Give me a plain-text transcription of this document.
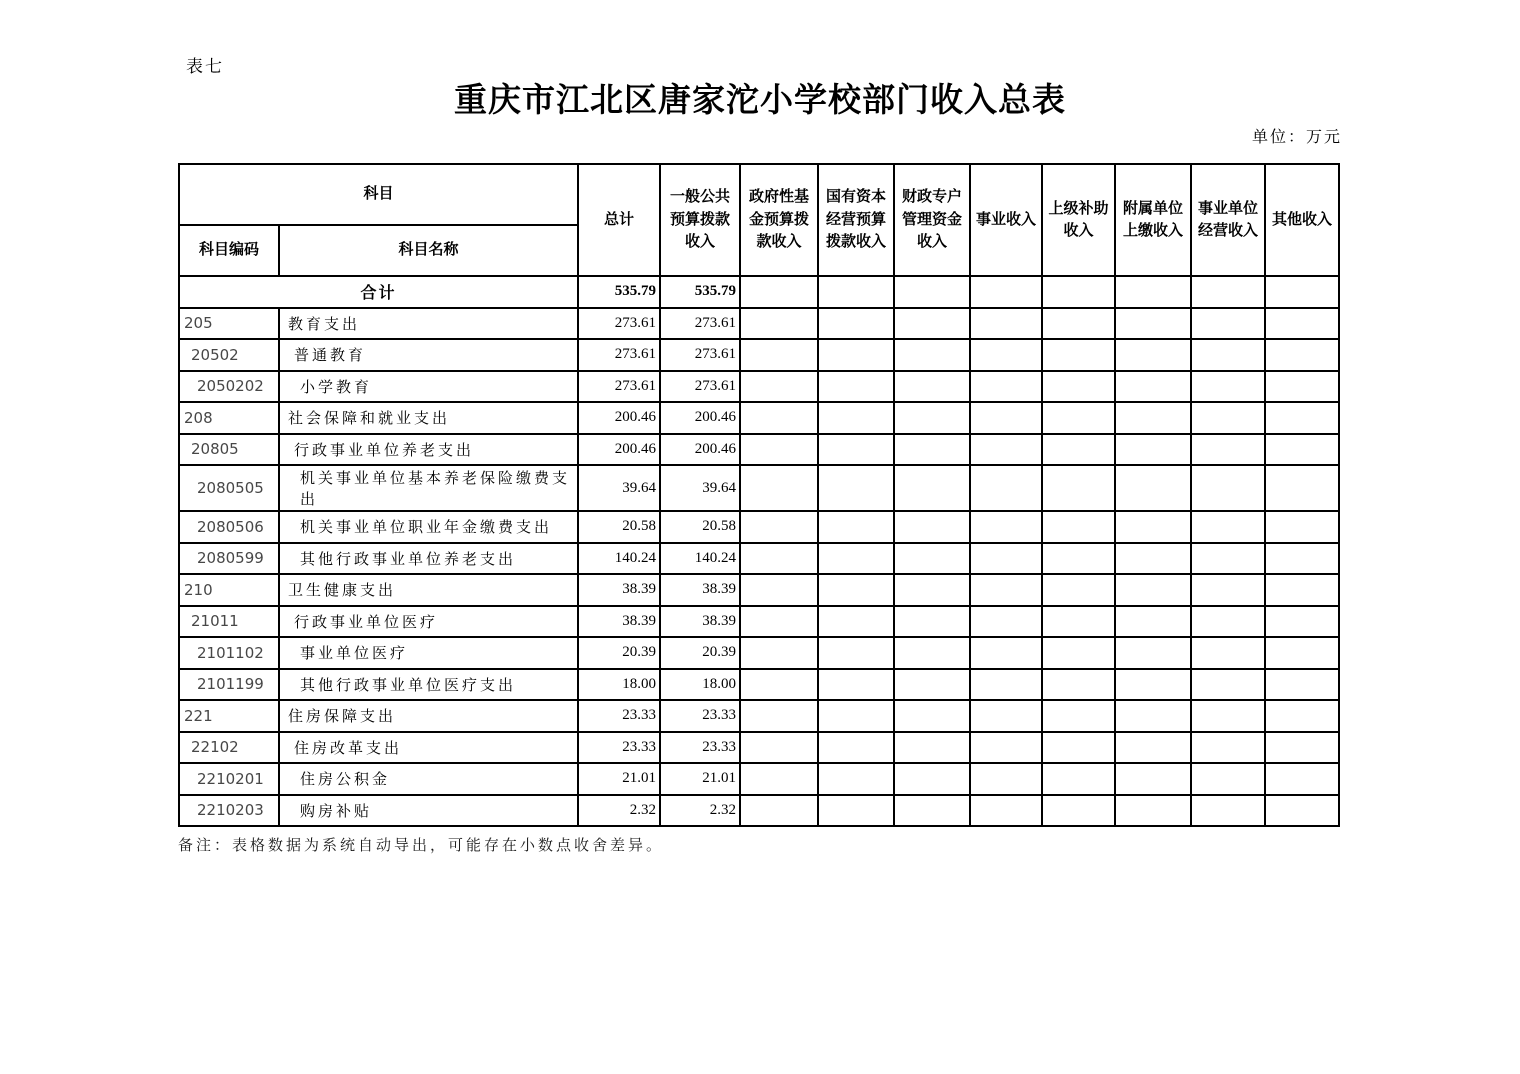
表七
重庆市江北区唐家沱小学校部门收入总表
单位：万元
科目		总计	一般公共预算拨款收入	政府性基金预算拨款收入	国有资本经营预算拨款收入	财政专户管理资金收入	事业收入	上级补助收入	附属单位上缴收入	事业单位经营收入	其他收入
科目编码	科目名称										
合计		535.79	535.79								
205	教育支出	273.61	273.61								
20502	普通教育	273.61	273.61								
2050202	小学教育	273.61	273.61								
208	社会保障和就业支出	200.46	200.46								
20805	行政事业单位养老支出	200.46	200.46								
2080505	机关事业单位基本养老保险缴费支出	39.64	39.64								
2080506	机关事业单位职业年金缴费支出	20.58	20.58								
2080599	其他行政事业单位养老支出	140.24	140.24								
210	卫生健康支出	38.39	38.39								
21011	行政事业单位医疗	38.39	38.39								
2101102	事业单位医疗	20.39	20.39								
2101199	其他行政事业单位医疗支出	18.00	18.00								
221	住房保障支出	23.33	23.33								
22102	住房改革支出	23.33	23.33								
2210201	住房公积金	21.01	21.01								
2210203	购房补贴	2.32	2.32								
备注：表格数据为系统自动导出，可能存在小数点收舍差异。
